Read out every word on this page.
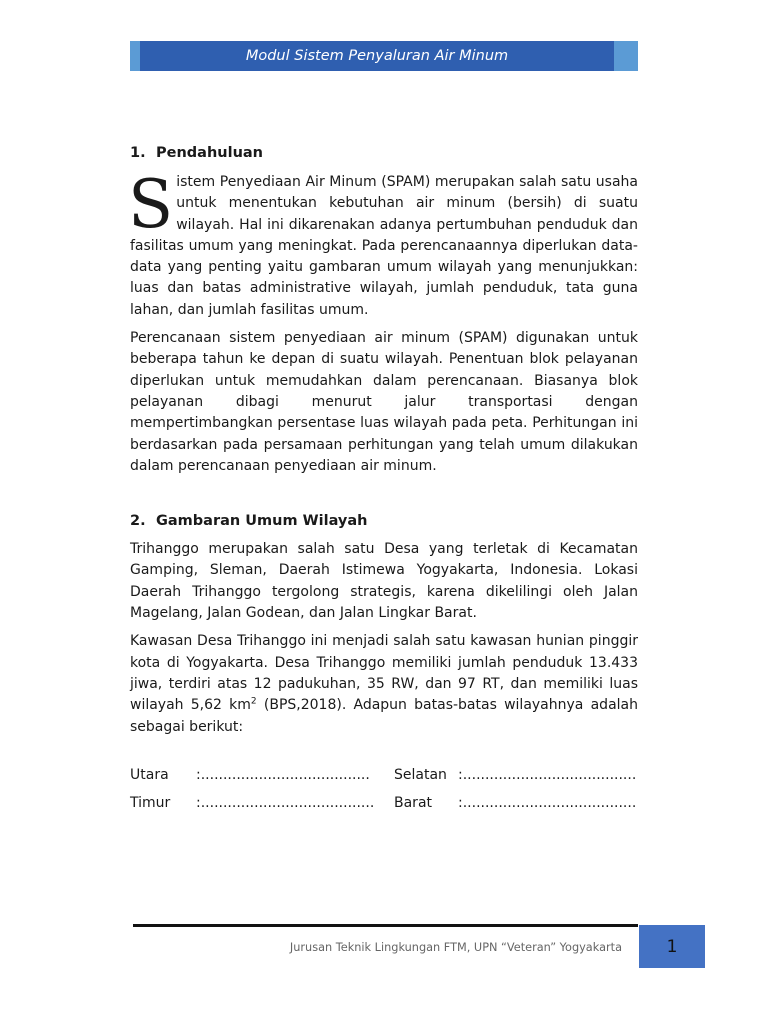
Modul Sistem Penyaluran Air Minum
1. Pendahuluan

Sistem Penyediaan Air Minum (SPAM) merupakan salah satu usaha untuk menentukan kebutuhan air minum (bersih) di suatu wilayah. Hal ini dikarenakan adanya pertumbuhan penduduk dan fasilitas umum yang meningkat. Pada perencanaannya diperlukan data-data yang penting yaitu gambaran umum wilayah yang menunjukkan: luas dan batas administrative wilayah, jumlah penduduk, tata guna lahan, dan jumlah fasilitas umum.

Perencanaan sistem penyediaan air minum (SPAM) digunakan untuk beberapa tahun ke depan di suatu wilayah. Penentuan blok pelayanan diperlukan untuk memudahkan dalam perencanaan. Biasanya blok pelayanan dibagi menurut jalur transportasi dengan mempertimbangkan persentase luas wilayah pada peta. Perhitungan ini berdasarkan pada persamaan perhitungan yang telah umum dilakukan dalam perencanaan penyediaan air minum.

2. Gambaran Umum Wilayah

Trihanggo merupakan salah satu Desa yang terletak di Kecamatan Gamping, Sleman, Daerah Istimewa Yogyakarta, Indonesia. Lokasi Daerah Trihanggo tergolong strategis, karena dikelilingi oleh Jalan Magelang, Jalan Godean, dan Jalan Lingkar Barat.

Kawasan Desa Trihanggo ini menjadi salah satu kawasan hunian pinggir kota di Yogyakarta. Desa Trihanggo memiliki jumlah penduduk 13.433 jiwa, terdiri atas 12 padukuhan, 35 RW, dan 97 RT, dan memiliki luas wilayah 5,62 $km^2$ (BPS,2018). Adapun batas-batas wilayahnya adalah sebagai berikut:

Utara	:...................................... Selatan :.......................................
Timur	:....................................... Barat	:.......................................
Jurusan Teknik Lingkungan FTM, UPN “Veteran” Yogyakarta	1
